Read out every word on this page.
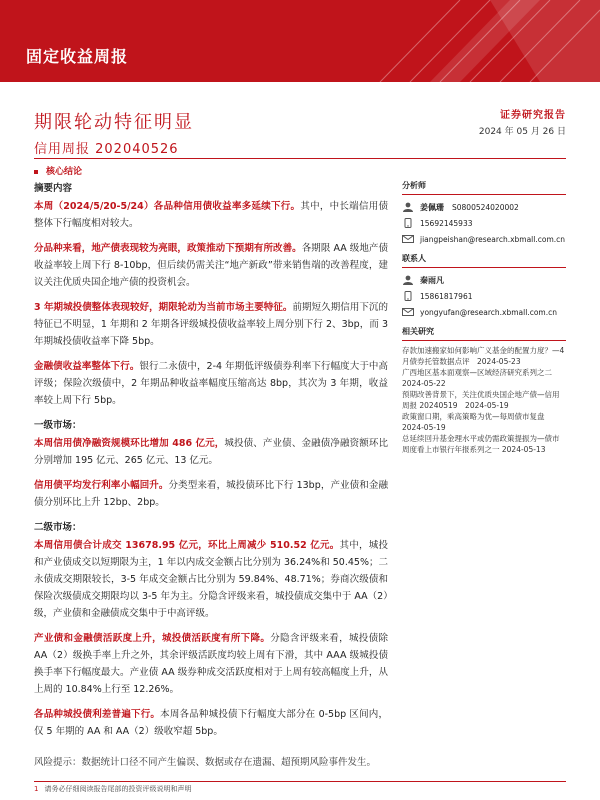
固定收益周报
期限轮动特征明显
信用周报 202040526
证券研究报告
2024 年 05 月 26 日
核心结论
摘要内容

本周（2024/5/20-5/24）各品种信用债收益率多延续下行。其中，中长端信用债整体下行幅度相对较大。

分品种来看，地产债表现较为亮眼，政策推动下预期有所改善。各期限 AA 级地产债收益率较上周下行 8-10bp，但后续仍需关注“地产新政”带来销售端的改善程度，建议关注优质央国企地产债的投资机会。

3 年期城投债整体表现较好，期限轮动为当前市场主要特征。前期短久期信用下沉的特征已不明显，1 年期和 2 年期各评级城投债收益率较上周分别下行 2、3bp，而 3 年期城投债收益率下降 5bp。

金融债收益率整体下行。银行二永债中，2-4 年期低评级债券利率下行幅度大于中高评级；保险次级债中，2 年期品种收益率幅度压缩高达 8bp，其次为 3 年期，收益率较上周下行 5bp。

一级市场：

本周信用债净融资规模环比增加 486 亿元，城投债、产业债、金融债净融资额环比分别增加 195 亿元、265 亿元、13 亿元。

信用债平均发行利率小幅回升。分类型来看，城投债环比下行 13bp，产业债和金融债分别环比上升 12bp、2bp。

二级市场：

本周信用债合计成交 13678.95 亿元，环比上周减少 510.52 亿元。其中，城投和产业债成交以短期限为主，1 年以内成交金额占比分别为 36.24%和 50.45%；二永债成交期限较长，3-5 年成交金额占比分别为 59.84%、48.71%；券商次级债和保险次级债成交期限均以 3-5 年为主。分隐含评级来看，城投债成交集中于 AA（2）级，产业债和金融债成交集中于中高评级。

产业债和金融债活跃度上升，城投债活跃度有所下降。分隐含评级来看，城投债除 AA（2）级换手率上升之外，其余评级活跃度均较上周有下滑，其中 AAA 级城投债换手率下行幅度最大。产业债 AA 级券种成交活跃度相对于上周有较高幅度上升，从上周的 10.84%上行至 12.26%。

各品种城投债利差普遍下行。本周各品种城投债下行幅度大部分在 0-5bp 区间内，仅 5 年期的 AA 和 AA（2）级收窄超 5bp。

风险提示：数据统计口径不同产生偏误、数据或存在遗漏、超预期风险事件发生。

分析师
姜佩珊 S0800524020002
15692145933
jiangpeishan@research.xbmall.com.cn
联系人
秦雨凡
15861817961
yongyufan@research.xbmall.com.cn
相关研究
存款加速搬家如何影响广义基金的配置力度？—4 月债券托管数据点评　2024-05-23
广西地区基本面观察—区域经济研究系列之二　2024-05-22
预期改善背景下，关注优质央国企地产债—信用周报 20240519　2024-05-19
政策窗口期，乘高策略为优—每周债市复盘 2024-05-19
总延续回升基金理水平或仍需政策提振为—债市周度看上市银行年报系列之一 2024-05-13
1 请务必仔细阅读报告尾部的投资评级说明和声明
